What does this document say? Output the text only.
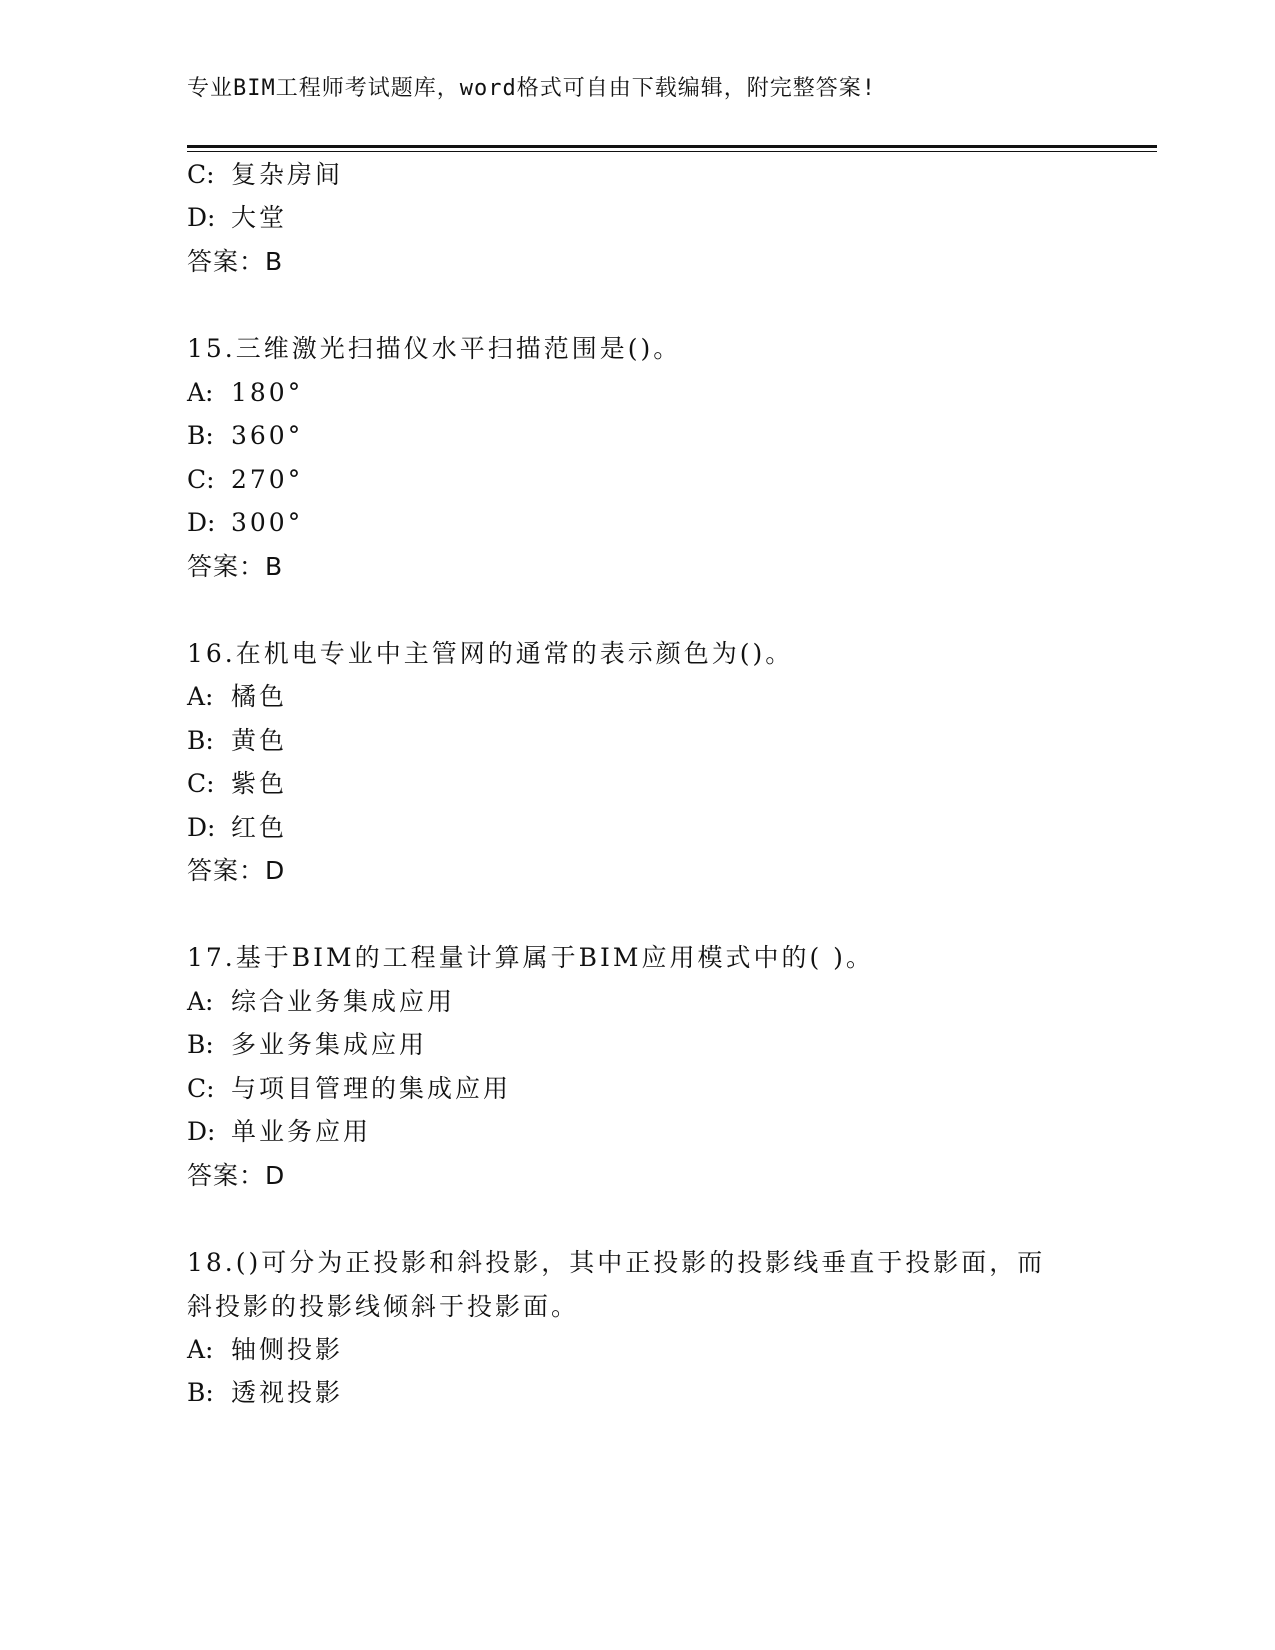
专业BIM工程师考试题库，word格式可自由下载编辑，附完整答案!
C: 复杂房间
D: 大堂
答案：B
15.三维激光扫描仪水平扫描范围是()。
A: 180°
B: 360°
C: 270°
D: 300°
答案：B
16.在机电专业中主管网的通常的表示颜色为()。
A: 橘色
B: 黄色
C: 紫色
D: 红色
答案：D
17.基于BIM的工程量计算属于BIM应用模式中的( )。
A: 综合业务集成应用
B: 多业务集成应用
C: 与项目管理的集成应用
D: 单业务应用
答案：D
18.()可分为正投影和斜投影，其中正投影的投影线垂直于投影面，而
斜投影的投影线倾斜于投影面。
A: 轴侧投影
B: 透视投影
